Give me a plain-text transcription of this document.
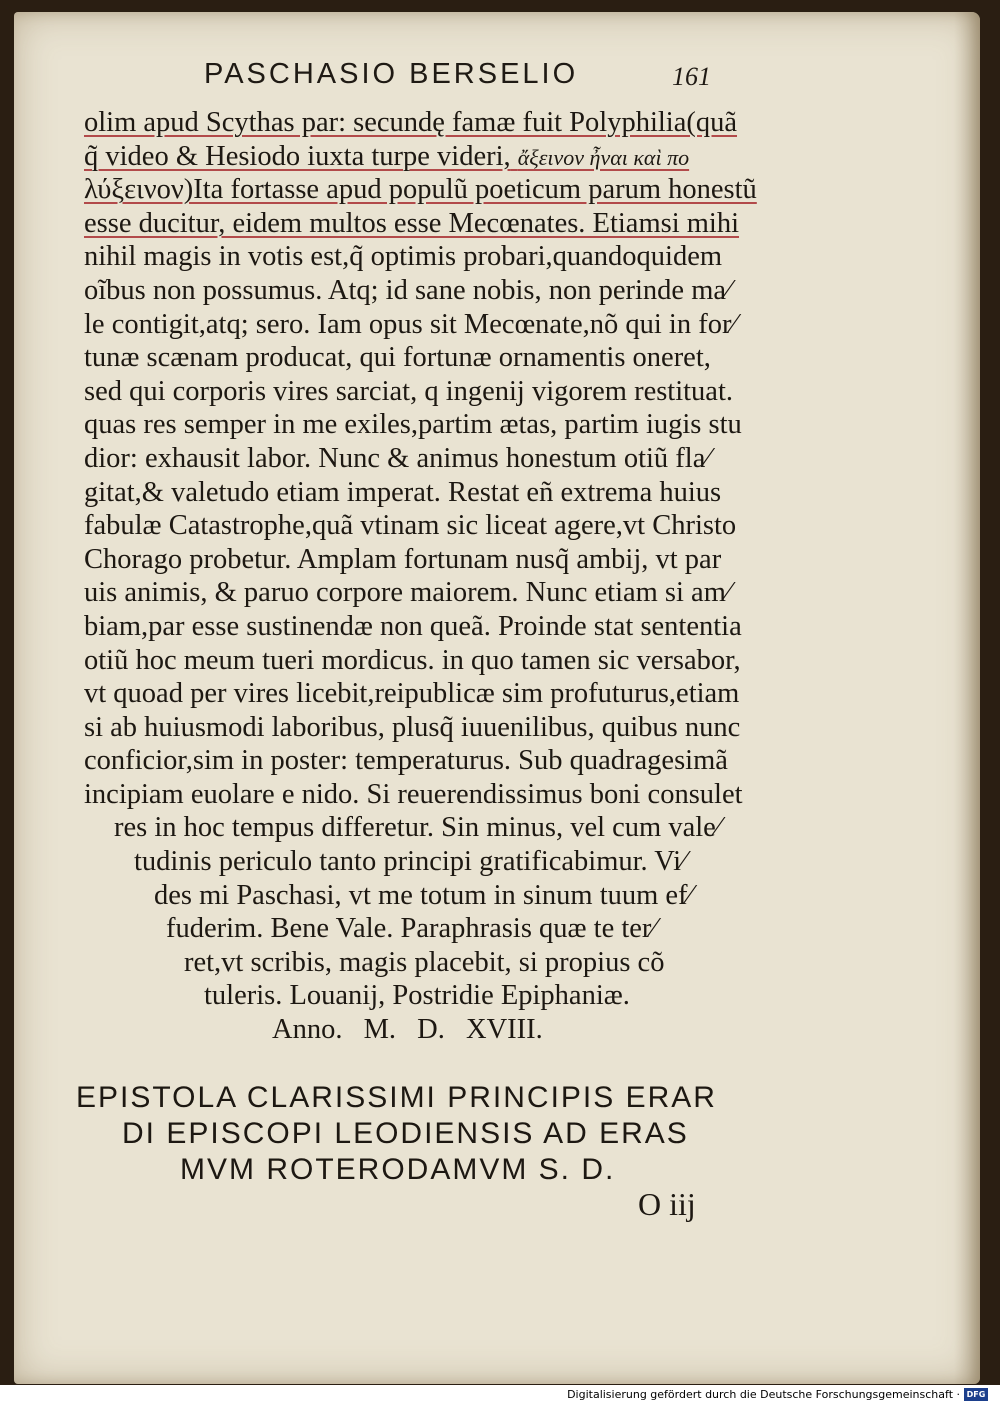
PASCHASIO BERSELIO	161
olim apud Scythas par: secundę famæ fuit Polyphilia(quã
q̃ video & Hesiodo iuxta turpe videri, ἄξεινον ἦναι καὶ πο
λύξεινον)Ita fortasse apud populũ poeticum parum honestũ
esse ducitur, eidem multos esse Mecœnates. Etiamsi mihi
nihil magis in votis est,q̃ optimis probari,quandoquidem
oĩbus non possumus. Atq; id sane nobis, non perinde ma⁄
le contigit,atq; sero. Iam opus sit Mecœnate,nõ qui in for⁄
tunæ scænam producat, qui fortunæ ornamentis oneret,
sed qui corporis vires sarciat, q ingenij vigorem restituat.
quas res semper in me exiles,partim ætas, partim iugis stu
dior: exhausit labor. Nunc & animus honestum otiũ fla⁄
gitat,& valetudo etiam imperat. Restat eñ extrema huius
fabulæ Catastrophe,quã vtinam sic liceat agere,vt Christo
Chorago probetur. Amplam fortunam nusq̃ ambij, vt par
uis animis, & paruo corpore maiorem. Nunc etiam si am⁄
biam,par esse sustinendæ non queã. Proinde stat sententia
otiũ hoc meum tueri mordicus. in quo tamen sic versabor,
vt quoad per vires licebit,reipublicæ sim profuturus,etiam
si ab huiusmodi laboribus, plusq̃ iuuenilibus, quibus nunc
conficior,sim in poster: temperaturus. Sub quadragesimã
incipiam euolare e nido. Si reuerendissimus boni consulet
res in hoc tempus differetur. Sin minus, vel cum vale⁄
tudinis periculo tanto principi gratificabimur. Vi⁄
des mi Paschasi, vt me totum in sinum tuum ef⁄
fuderim. Bene Vale. Paraphrasis quæ te ter⁄
ret,vt scribis, magis placebit, si propius cõ
tuleris. Louanij, Postridie Epiphaniæ.
Anno. M. D. XVIII.
EPISTOLA CLARISSIMI PRINCIPIS ERAR
DI EPISCOPI LEODIENSIS AD ERAS
MVM ROTERODAMVM S. D.
O iij
Digitalisierung gefördert durch die Deutsche Forschungsgemeinschaft · DFG
